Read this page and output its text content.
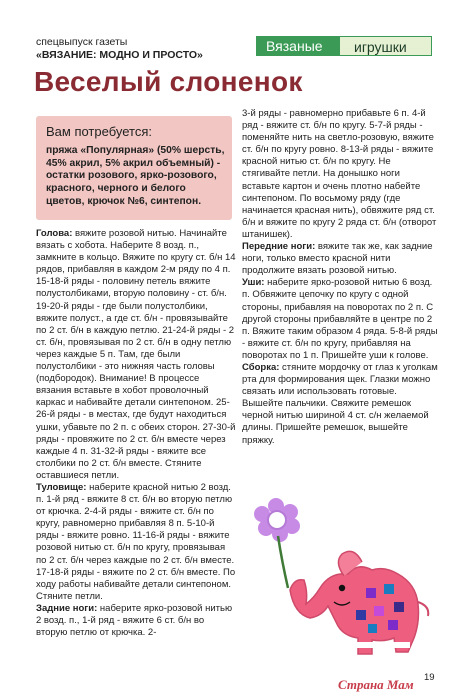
спецвыпуск газеты
«ВЯЗАНИЕ: МОДНО И ПРОСТО»
Вязаные	игрушки
Веселый слоненок
Вам потребуется:
пряжа «Популярная» (50% шерсть, 45% акрил, 5% акрил объемный) - остатки розового, ярко-розового, красного, черного и белого цветов, крючок №6, синтепон.
Голова: вяжите розовой нитью. Начинайте вязать с хобота. Наберите 8 возд. п., замкните в кольцо. Вяжите по кругу ст. б/н 14 рядов, прибавляя в каждом 2-м ряду по 4 п. 15-18-й ряды - половину петель вяжите полустолбиками, вторую половину - ст. б/н. 19-20-й ряды - где были полустолбики, вяжите полуст., а где ст. б/н - провязывайте по 2 ст. б/н в каждую петлю. 21-24-й ряды - 2 ст. б/н, провязывая по 2 ст. б/н в одну петлю через каждые 5 п. Там, где были полустолбики - это нижняя часть головы (подбородок). Внимание! В процессе вязания вставьте в хобот проволочный каркас и набивайте детали синтепоном. 25-26-й ряды - в местах, где будут находиться ушки, убавьте по 2 п. с обеих сторон. 27-30-й ряды - провяжите по 2 ст. б/н вместе через каждые 4 п. 31-32-й ряды - вяжите все столбики по 2 ст. б/н вместе. Стяните оставшиеся петли.
Туловище: наберите красной нитью 2 возд. п. 1-й ряд - вяжите 8 ст. б/н во вторую петлю от крючка. 2-4-й ряды - вяжите ст. б/н по кругу, равномерно прибавляя 8 п. 5-10-й ряды - вяжите ровно. 11-16-й ряды - вяжите розовой нитью ст. б/н по кругу, провязывая по 2 ст. б/н через каждые по 2 ст. б/н вместе. 17-18-й ряды - вяжите по 2 ст. б/н вместе. По ходу работы набивайте детали синтепоном. Стяните петли.
Задние ноги: наберите ярко-розовой нитью 2 возд. п., 1-й ряд - вяжите 6 ст. б/н во вторую петлю от крючка. 2-
3-й ряды - равномерно прибавьте 6 п. 4-й ряд - вяжите ст. б/н по кругу. 5-7-й ряды - поменяйте нить на светло-розовую, вяжите ст. б/н по кругу ровно. 8-13-й ряды - вяжите красной нитью ст. б/н по кругу. Не стягивайте петли. На донышко ноги вставьте картон и очень плотно набейте синтепоном. По восьмому ряду (где начинается красная нить), обвяжите ряд ст. б/н и вяжите по кругу 2 ряда ст. б/н (отворот штанишек).
Передние ноги: вяжите так же, как задние ноги, только вместо красной нити продолжите вязать розовой нитью.
Уши: наберите ярко-розовой нитью 6 возд. п. Обвяжите цепочку по кругу с одной стороны, прибавляя на поворотах по 2 п. С другой стороны прибавляйте в центре по 2 п. Вяжите таким образом 4 ряда. 5-8-й ряды - вяжите ст. б/н по кругу, прибавляя на поворотах по 1 п. Пришейте уши к голове.
Сборка: стяните мордочку от глаз к уголкам рта для формирования щек. Глазки можно связать или использовать готовые. Вышейте пальчики. Свяжите ремешок черной нитью шириной 4 ст. с/н желаемой длины. Пришейте ремешок, вышейте пряжку.
19
Страна Мам
